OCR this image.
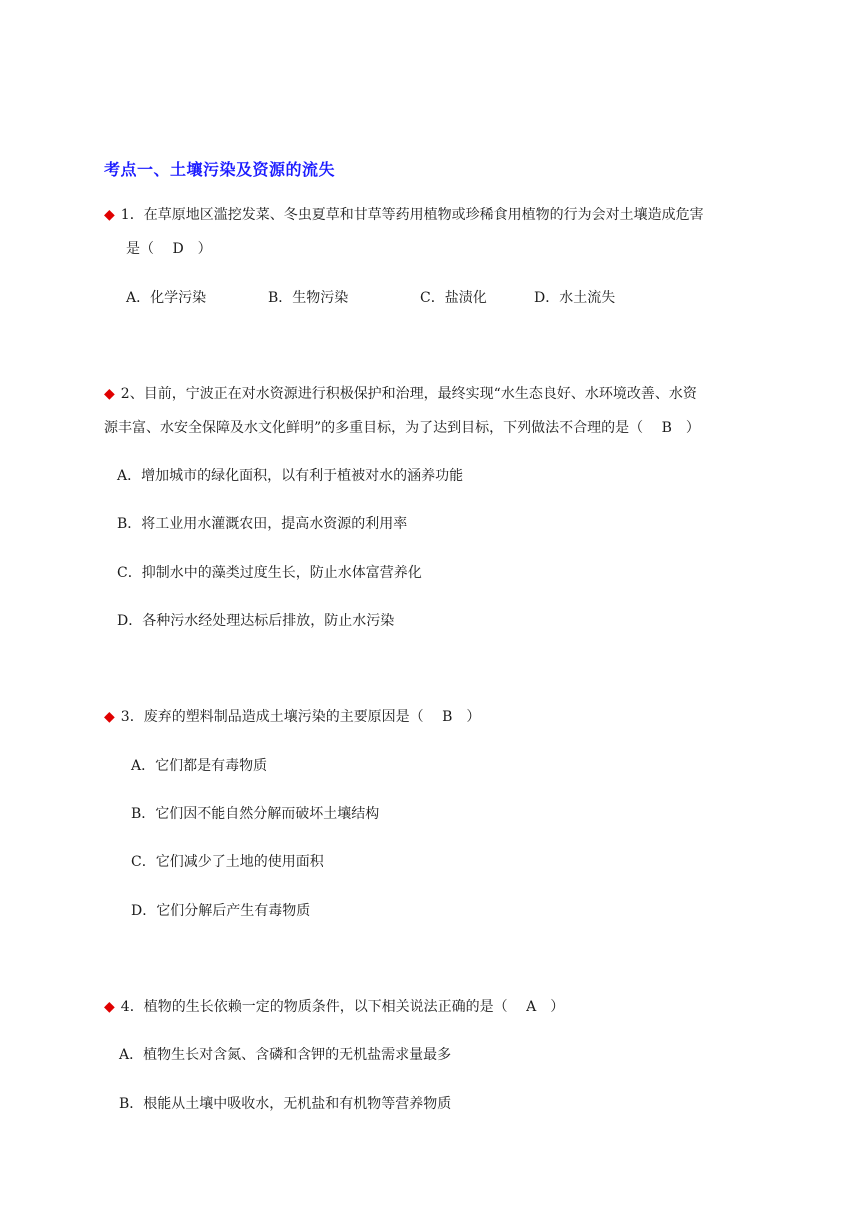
考点一、土壤污染及资源的流失
◆ 1．在草原地区滥挖发菜、冬虫夏草和甘草等药用植物或珍稀食用植物的行为会对土壤造成危害
是（　 D　）
A．化学污染	B．生物污染	C．盐渍化	D．水土流失
◆ 2、目前，宁波正在对水资源进行积极保护和治理，最终实现“水生态良好、水环境改善、水资
源丰富、水安全保障及水文化鲜明”的多重目标，为了达到目标，下列做法不合理的是（　 B　）
A．增加城市的绿化面积，以有利于植被对水的涵养功能
B．将工业用水灌溉农田，提高水资源的利用率
C．抑制水中的藻类过度生长，防止水体富营养化
D．各种污水经处理达标后排放，防止水污染
◆ 3．废弃的塑料制品造成土壤污染的主要原因是（　 B　）
A．它们都是有毒物质
B．它们因不能自然分解而破坏土壤结构
C．它们减少了土地的使用面积
D．它们分解后产生有毒物质
◆ 4．植物的生长依赖一定的物质条件，以下相关说法正确的是（　 A　）
A．植物生长对含氮、含磷和含钾的无机盐需求量最多
B．根能从土壤中吸收水，无机盐和有机物等营养物质
